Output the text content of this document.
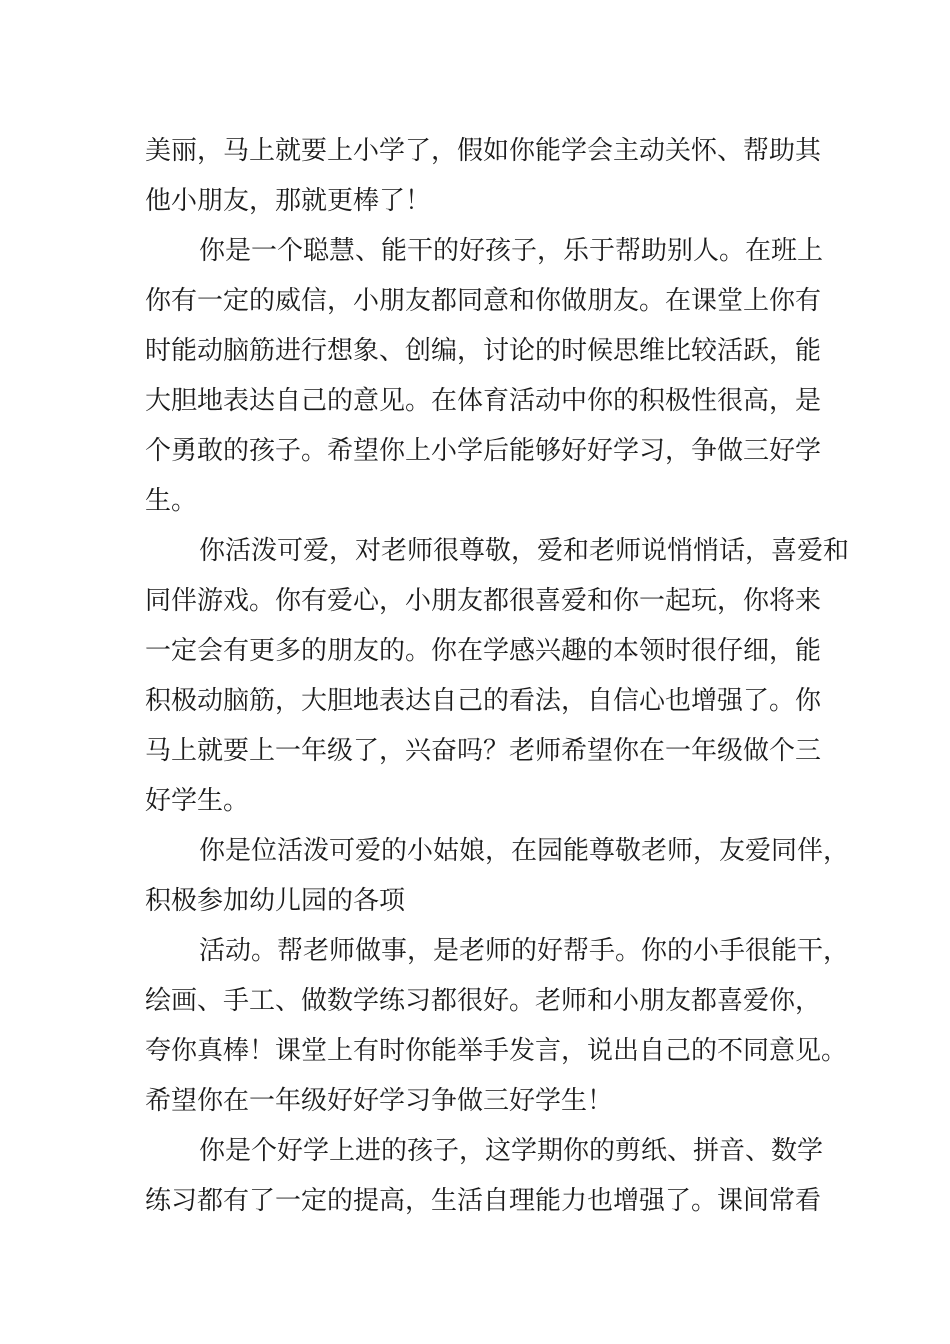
美丽，马上就要上小学了，假如你能学会主动关怀、帮助其
他小朋友，那就更棒了！

你是一个聪慧、能干的好孩子，乐于帮助别人。在班上
你有一定的威信，小朋友都同意和你做朋友。在课堂上你有
时能动脑筋进行想象、创编，讨论的时候思维比较活跃，能
大胆地表达自己的意见。在体育活动中你的积极性很高，是
个勇敢的孩子。希望你上小学后能够好好学习，争做三好学
生。

你活泼可爱，对老师很尊敬，爱和老师说悄悄话，喜爱和
同伴游戏。你有爱心，小朋友都很喜爱和你一起玩，你将来
一定会有更多的朋友的。你在学感兴趣的本领时很仔细，能
积极动脑筋，大胆地表达自己的看法，自信心也增强了。你
马上就要上一年级了，兴奋吗？老师希望你在一年级做个三
好学生。

你是位活泼可爱的小姑娘，在园能尊敬老师，友爱同伴，
积极参加幼儿园的各项

活动。帮老师做事，是老师的好帮手。你的小手很能干，
绘画、手工、做数学练习都很好。老师和小朋友都喜爱你，
夸你真棒！课堂上有时你能举手发言，说出自己的不同意见。
希望你在一年级好好学习争做三好学生！

你是个好学上进的孩子，这学期你的剪纸、拼音、数学
练习都有了一定的提高，生活自理能力也增强了。课间常看
